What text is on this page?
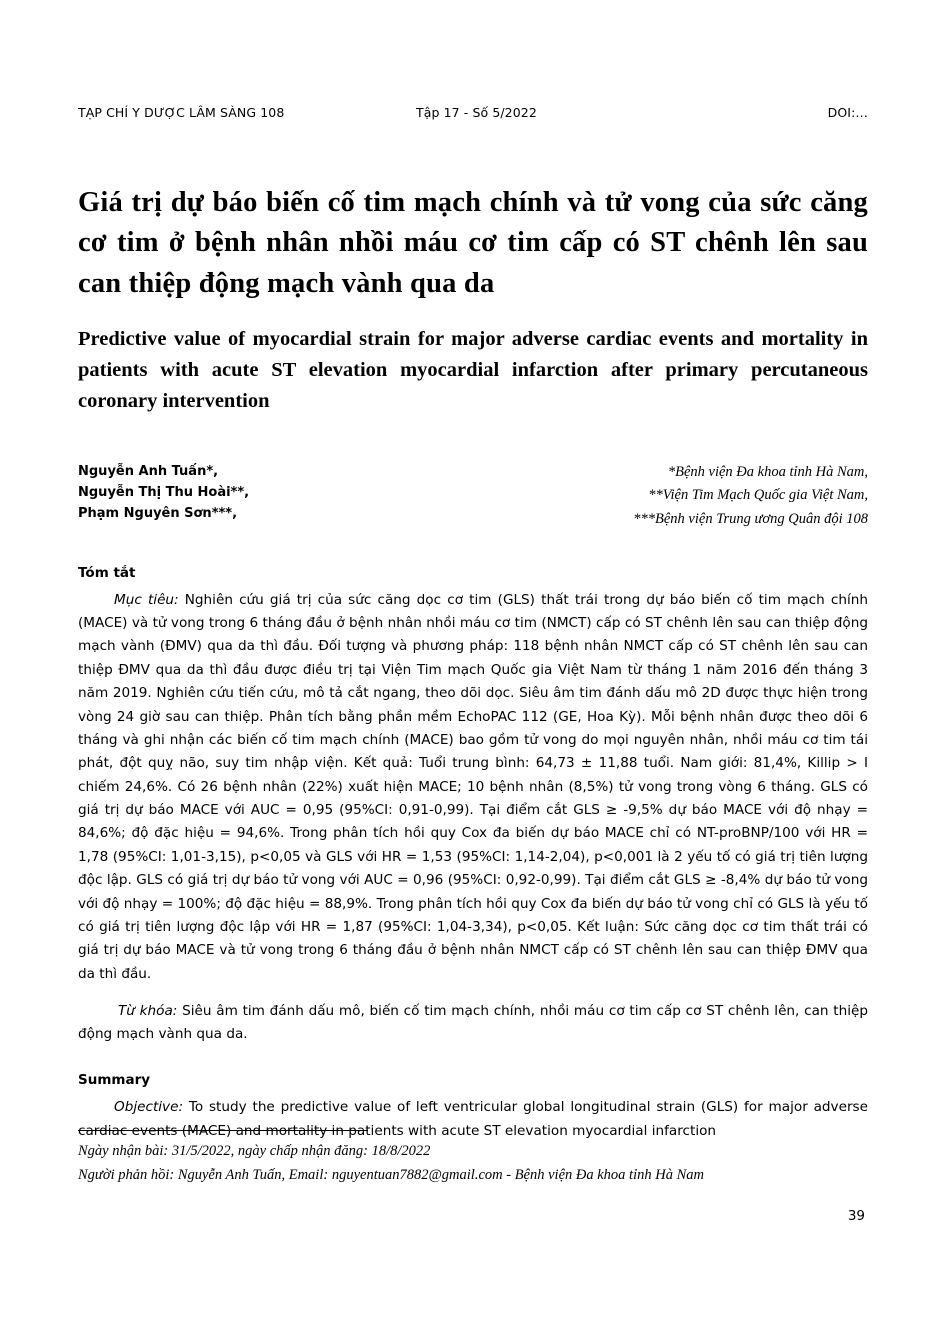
TẠP CHÍ Y DƯỢC LÂM SÀNG 108	Tập 17 - Số 5/2022	DOI:…
Giá trị dự báo biến cố tim mạch chính và tử vong của sức căng cơ tim ở bệnh nhân nhồi máu cơ tim cấp có ST chênh lên sau can thiệp động mạch vành qua da
Predictive value of myocardial strain for major adverse cardiac events and mortality in patients with acute ST elevation myocardial infarction after primary percutaneous coronary intervention
Nguyễn Anh Tuấn*,
Nguyễn Thị Thu Hoài**,
Phạm Nguyên Sơn***,
*Bệnh viện Đa khoa tỉnh Hà Nam,
**Viện Tim Mạch Quốc gia Việt Nam,
***Bệnh viện Trung ương Quân đội 108
Tóm tắt

Mục tiêu: Nghiên cứu giá trị của sức căng dọc cơ tim (GLS) thất trái trong dự báo biến cố tim mạch chính (MACE) và tử vong trong 6 tháng đầu ở bệnh nhân nhồi máu cơ tim (NMCT) cấp có ST chênh lên sau can thiệp động mạch vành (ĐMV) qua da thì đầu. Đối tượng và phương pháp: 118 bệnh nhân NMCT cấp có ST chênh lên sau can thiệp ĐMV qua da thì đầu được điều trị tại Viện Tim mạch Quốc gia Việt Nam từ tháng 1 năm 2016 đến tháng 3 năm 2019. Nghiên cứu tiến cứu, mô tả cắt ngang, theo dõi dọc. Siêu âm tim đánh dấu mô 2D được thực hiện trong vòng 24 giờ sau can thiệp. Phân tích bằng phần mềm EchoPAC 112 (GE, Hoa Kỳ). Mỗi bệnh nhân được theo dõi 6 tháng và ghi nhận các biến cố tim mạch chính (MACE) bao gồm tử vong do mọi nguyên nhân, nhồi máu cơ tim tái phát, đột quỵ não, suy tim nhập viện. Kết quả: Tuổi trung bình: 64,73 ± 11,88 tuổi. Nam giới: 81,4%, Killip > I chiếm 24,6%. Có 26 bệnh nhân (22%) xuất hiện MACE; 10 bệnh nhân (8,5%) tử vong trong vòng 6 tháng. GLS có giá trị dự báo MACE với AUC = 0,95 (95%CI: 0,91-0,99). Tại điểm cắt GLS ≥ -9,5% dự báo MACE với độ nhạy = 84,6%; độ đặc hiệu = 94,6%. Trong phân tích hồi quy Cox đa biến dự báo MACE chỉ có NT-proBNP/100 với HR = 1,78 (95%CI: 1,01-3,15), p<0,05 và GLS với HR = 1,53 (95%CI: 1,14-2,04), p<0,001 là 2 yếu tố có giá trị tiên lượng độc lập. GLS có giá trị dự báo tử vong với AUC = 0,96 (95%CI: 0,92-0,99). Tại điểm cắt GLS ≥ -8,4% dự báo tử vong với độ nhạy = 100%; độ đặc hiệu = 88,9%. Trong phân tích hồi quy Cox đa biến dự báo tử vong chỉ có GLS là yếu tố có giá trị tiên lượng độc lập với HR = 1,87 (95%CI: 1,04-3,34), p<0,05. Kết luận: Sức căng dọc cơ tim thất trái có giá trị dự báo MACE và tử vong trong 6 tháng đầu ở bệnh nhân NMCT cấp có ST chênh lên sau can thiệp ĐMV qua da thì đầu.

Từ khóa: Siêu âm tim đánh dấu mô, biến cố tim mạch chính, nhồi máu cơ tim cấp cơ ST chênh lên, can thiệp động mạch vành qua da.

Summary

Objective: To study the predictive value of left ventricular global longitudinal strain (GLS) for major adverse cardiac events (MACE) and mortality in patients with acute ST elevation myocardial infarction

Ngày nhận bài: 31/5/2022, ngày chấp nhận đăng: 18/8/2022
Người phản hồi: Nguyễn Anh Tuấn, Email: nguyentuan7882@gmail.com - Bệnh viện Đa khoa tỉnh Hà Nam
39
